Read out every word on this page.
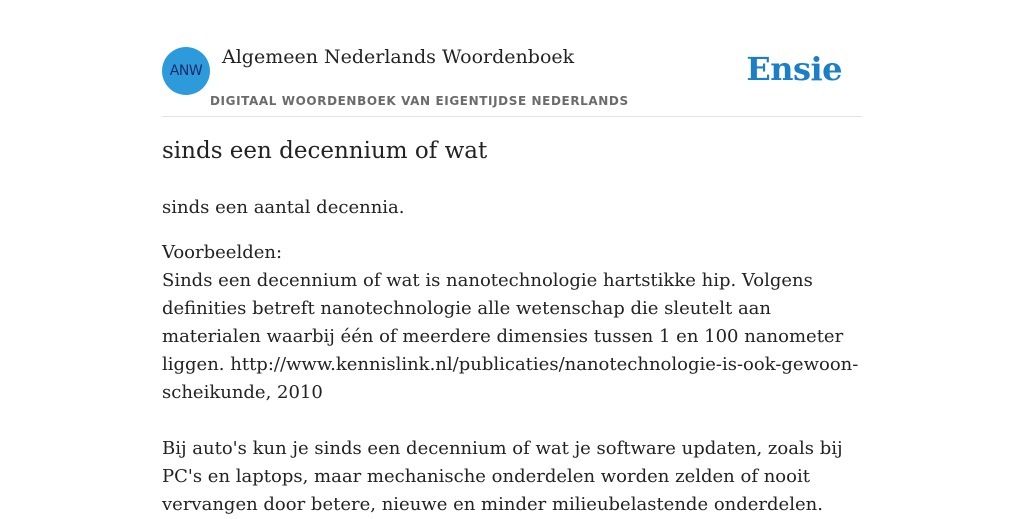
ANW
Algemeen Nederlands Woordenboek
DIGITAAL WOORDENBOEK VAN EIGENTIJDSE NEDERLANDS
Ensie
sinds een decennium of wat
sinds een aantal decennia.
Voorbeelden:
Sinds een decennium of wat is nanotechnologie hartstikke hip. Volgens definities betreft nanotechnologie alle wetenschap die sleutelt aan materialen waarbij één of meerdere dimensies tussen 1 en 100 nanometer liggen. http://www.kennislink.nl/publicaties/nanotechnologie-is-ook-gewoon-scheikunde, 2010
Bij auto's kun je sinds een decennium of wat je software updaten, zoals bij PC's en laptops, maar mechanische onderdelen worden zelden of nooit vervangen door betere, nieuwe en minder milieubelastende onderdelen.
